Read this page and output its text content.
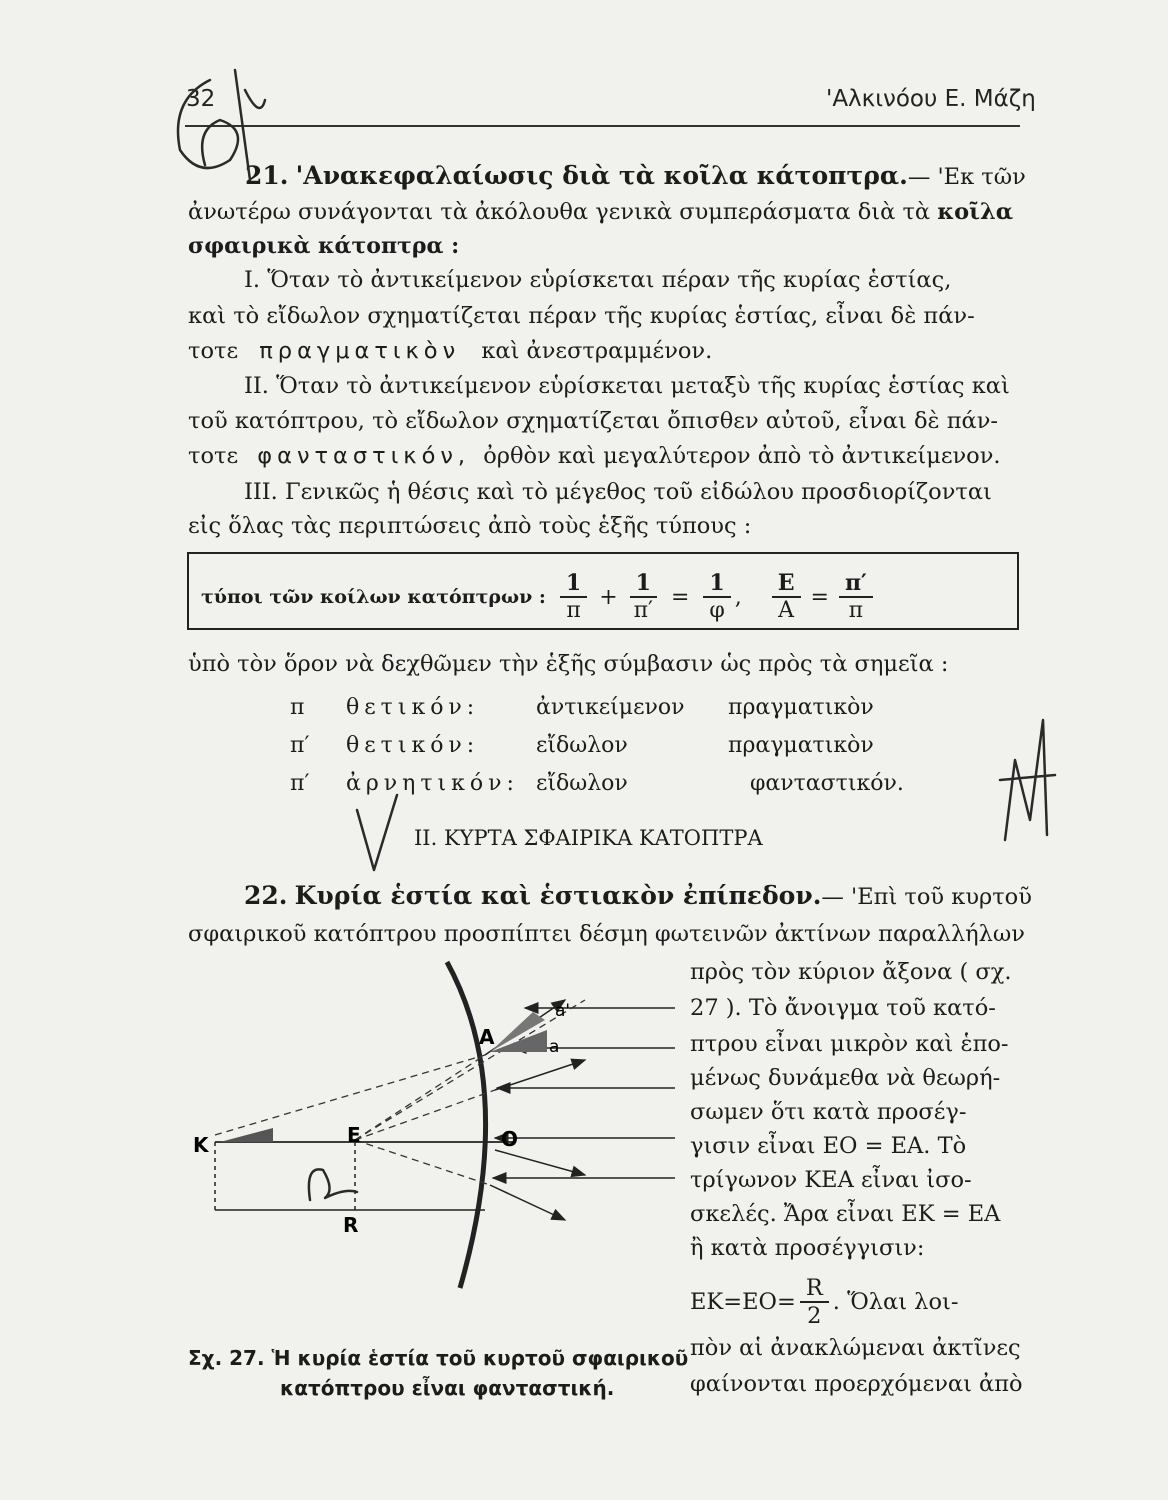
32	'Αλκινόου Ε. Μάζη
21. 'Ανακεφαλαίωσις διὰ τὰ κοῖλα κάτοπτρα.— 'Εκ τῶν
ἀνωτέρω συνάγονται τὰ ἀκόλουθα γενικὰ συμπεράσματα διὰ τὰ κοῖλα
σφαιρικὰ κάτοπτρα :
I. Ὅταν τὸ ἀντικείμενον εὑρίσκεται πέραν τῆς κυρίας ἑστίας,
καὶ τὸ εἴδωλον σχηματίζεται πέραν τῆς κυρίας ἑστίας, εἶναι δὲ πάν-
τοτε πραγματικὸν καὶ ἀνεστραμμένον.
II. Ὅταν τὸ ἀντικείμενον εὑρίσκεται μεταξὺ τῆς κυρίας ἑστίας καὶ
τοῦ κατόπτρου, τὸ εἴδωλον σχηματίζεται ὄπισθεν αὐτοῦ, εἶναι δὲ πάν-
τοτε φανταστικόν, ὀρθὸν καὶ μεγαλύτερον ἀπὸ τὸ ἀντικείμενον.
III. Γενικῶς ἡ θέσις καὶ τὸ μέγεθος τοῦ εἰδώλου προσδιορίζονται
εἰς ὅλας τὰς περιπτώσεις ἀπὸ τοὺς ἑξῆς τύπους :
τύποι τῶν κοίλων κατόπτρων : $\frac{1}{\pi} + \frac{1}{\pi'} = \frac{1}{\varphi}$ , $\frac{E}{A} = \frac{\pi'}{\pi}$
ὑπὸ τὸν ὅρον νὰ δεχθῶμεν τὴν ἑξῆς σύμβασιν ὡς πρὸς τὰ σημεῖα :
π	θετικόν:	ἀντικείμενον	πραγματικὸν
π′	θετικόν:	εἴδωλον	πραγματικὸν
π′	ἀρνητικόν:	εἴδωλον	φανταστικόν.
II. ΚΥΡΤΑ ΣΦΑΙΡΙΚΑ ΚΑΤΟΠΤΡΑ
22. Κυρία ἑστία καὶ ἑστιακὸν ἐπίπεδον.— 'Επὶ τοῦ κυρτοῦ
σφαιρικοῦ κατόπτρου προσπίπτει δέσμη φωτεινῶν ἀκτίνων παραλλήλων
πρὸς τὸν κύριον ἄξονα ( σχ.
27 ). Τὸ ἄνοιγμα τοῦ κατό-
πτρου εἶναι μικρὸν καὶ ἑπο-
μένως δυνάμεθα νὰ θεωρή-
σωμεν ὅτι κατὰ προσέγ-
γισιν εἶναι ΕΟ = ΕΑ. Τὸ
τρίγωνον ΚΕΑ εἶναι ἰσο-
σκελές. Ἄρα εἶναι ΕΚ = ΕΑ
ἢ κατὰ προσέγγισιν:
$EK=EO= \frac{R}{2}$ . Ὅλαι λοι-
πὸν αἱ ἀνακλώμεναι ἀκτῖνες
φαίνονται προερχόμεναι ἀπὸ
K	E	O
A
R
a
a'
Σχ. 27. Ἡ κυρία ἑστία τοῦ κυρτοῦ σφαιρικοῦ
κατόπτρου εἶναι φανταστική.
